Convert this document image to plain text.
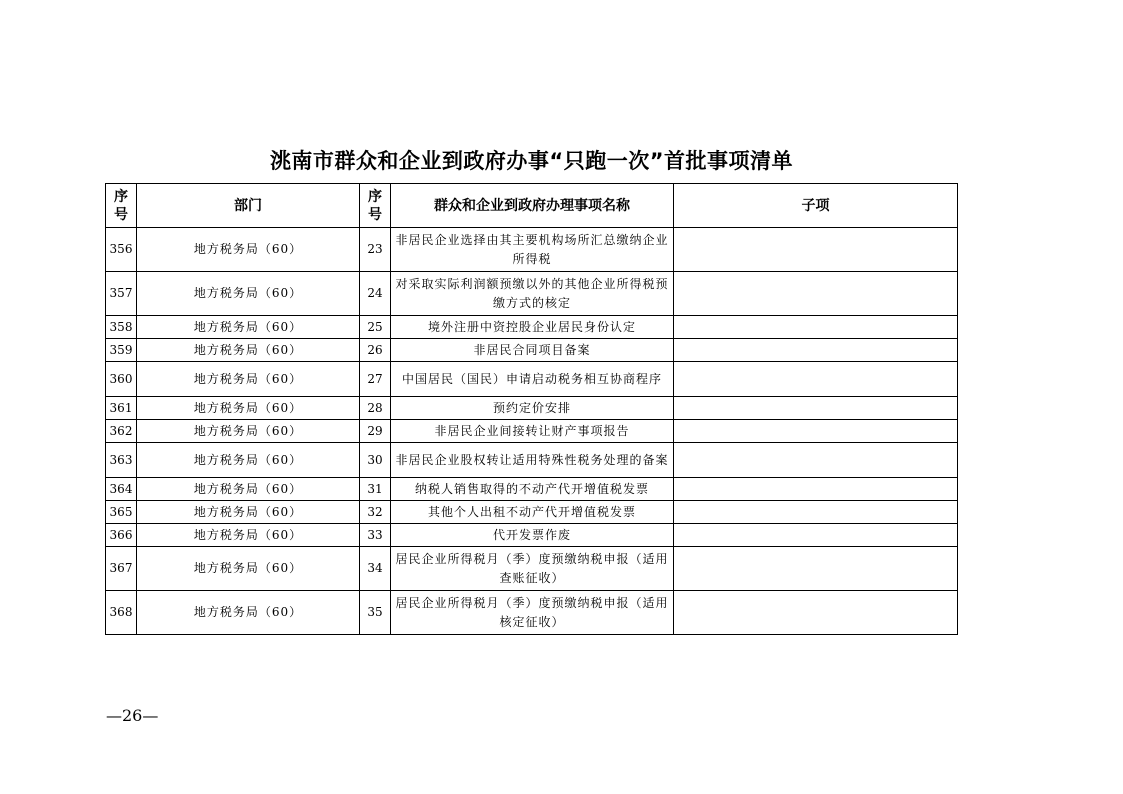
洮南市群众和企业到政府办事“只跑一次”首批事项清单
序号	部门	序号	群众和企业到政府办理事项名称	子项
356	地方税务局（60）	23	非居民企业选择由其主要机构场所汇总缴纳企业所得税	
357	地方税务局（60）	24	对采取实际利润额预缴以外的其他企业所得税预缴方式的核定	
358	地方税务局（60）	25	境外注册中资控股企业居民身份认定	
359	地方税务局（60）	26	非居民合同项目备案	
360	地方税务局（60）	27	中国居民（国民）申请启动税务相互协商程序	
361	地方税务局（60）	28	预约定价安排	
362	地方税务局（60）	29	非居民企业间接转让财产事项报告	
363	地方税务局（60）	30	非居民企业股权转让适用特殊性税务处理的备案	
364	地方税务局（60）	31	纳税人销售取得的不动产代开增值税发票	
365	地方税务局（60）	32	其他个人出租不动产代开增值税发票	
366	地方税务局（60）	33	代开发票作废	
367	地方税务局（60）	34	居民企业所得税月（季）度预缴纳税申报（适用查账征收）	
368	地方税务局（60）	35	居民企业所得税月（季）度预缴纳税申报（适用核定征收）	
—26—
